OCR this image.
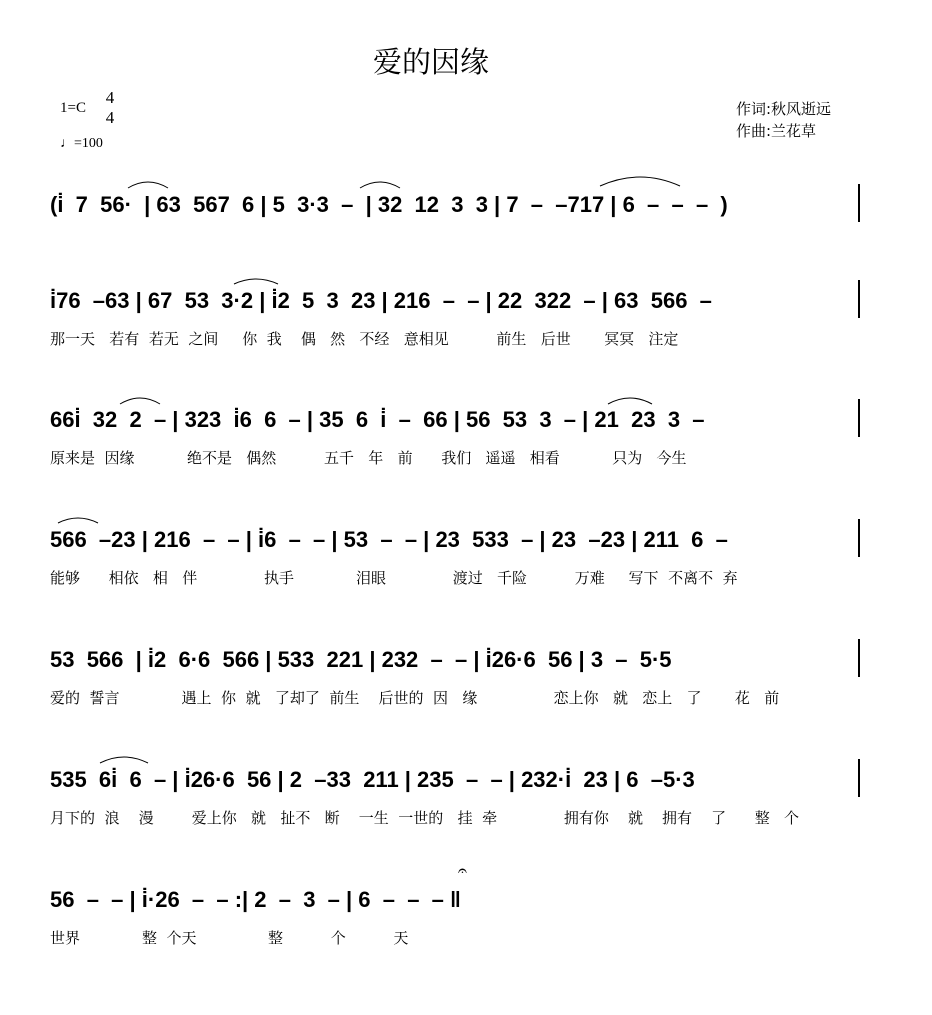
爱的因缘
1=C
4
4
♩=100
作词:秋风逝远
作曲:兰花草
(i̇  7  56·  | 63  567  6 | 5  3·3  –  | 32  12  3  3 | 7  –  –717 | 6  –  –  –  )
i̇76  –63 | 67  53  3·2 | i̇2  5  3  23 | 216  –  – | 22  322  – | 63  566  –
那一天   若有  若无  之间     你  我    偶   然   不经   意相见          前生   后世       冥冥   注定
66i̇  32  2  – | 323  i̇6  6  – | 35  6  i̇  –  66 | 56  53  3  – | 21  23  3  –
原来是  因缘           绝不是   偶然          五千   年   前      我们   遥遥   相看           只为   今生
566  –23 | 216  –  – | i̇6  –  – | 53  –  – | 23  533  – | 23  –23 | 211  6  –
能够      相依   相   伴              执手             泪眼              渡过   千险          万难     写下  不离不  弃
53  566  | i̇2  6·6  566 | 533  221 | 232  –  – | i̇26·6  56 | 3  –  5·5
爱的  誓言             遇上  你  就   了却了  前生    后世的  因   缘                恋上你   就   恋上   了       花   前
535  6i̇  6  – | i̇26·6  56 | 2  –33  211 | 235  –  – | 232·i̇  23 | 6  –5·3
月下的  浪    漫        爱上你   就   扯不   断    一生  一世的   挂  牵              拥有你    就    拥有    了      整   个
56  –  – | i̇·26  –  – :| 2  –  3  – | 6  –  –  – ‖
世界             整  个天               整          个          天
𝄐
